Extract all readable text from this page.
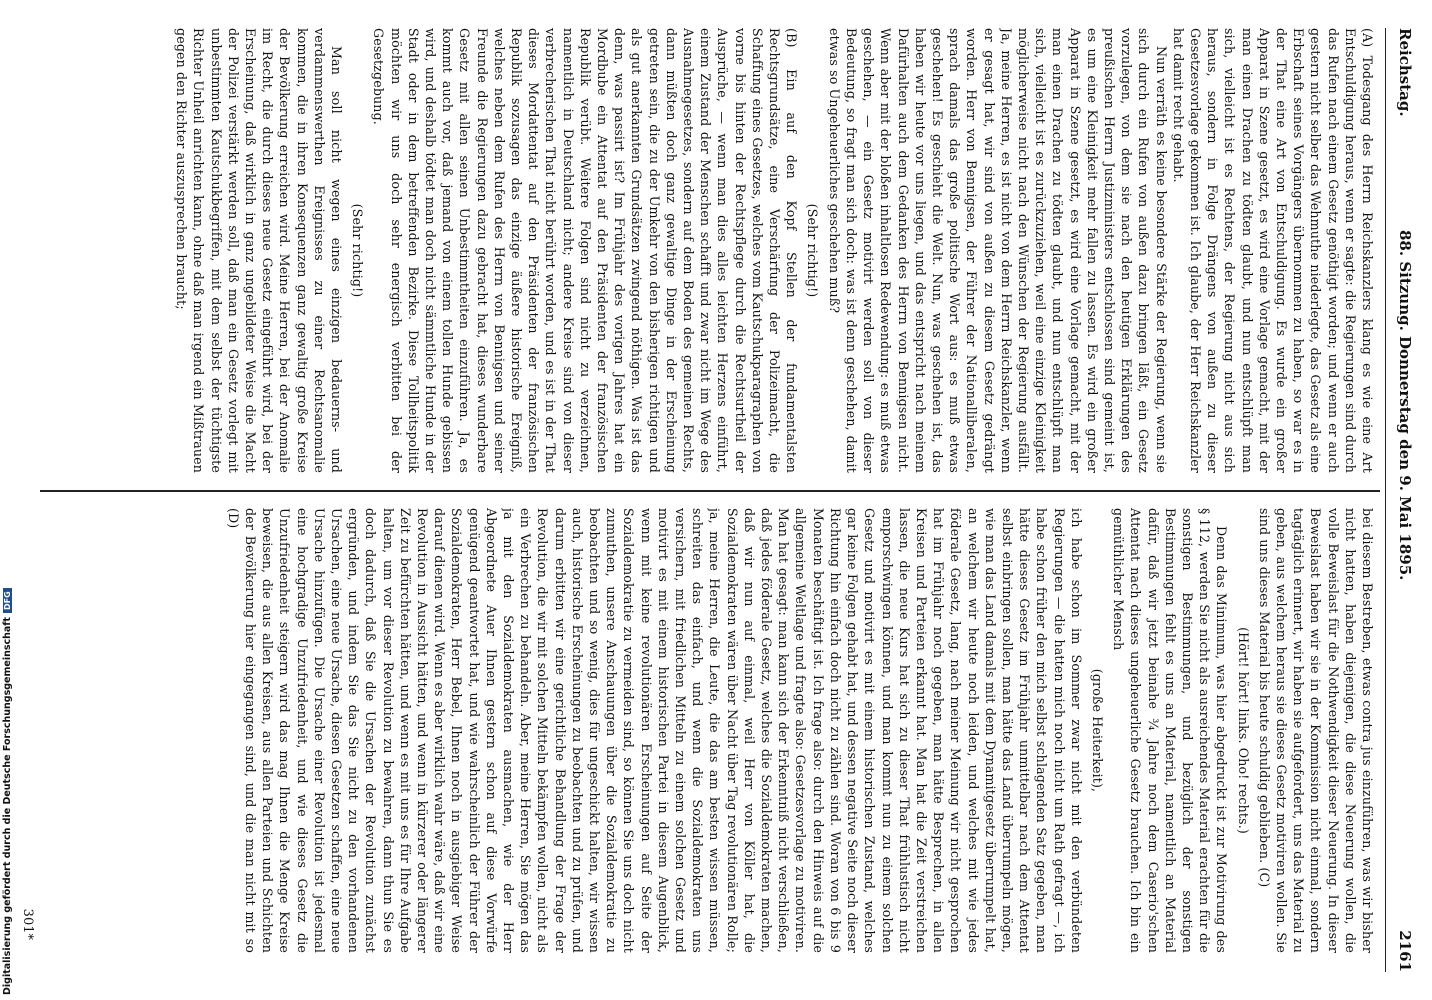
Digitalisierung gefördert durch die Deutsche ForschungsgemeinschaftDFG
Reichstag.
88. Sitzung. Donnerstag den 9. Mai 1895.
2161

(A) Todesgang des Herrn Reichskanzlers klang es wie eine Art Entschuldigung heraus, wenn er sagte: die Regierungen sind durch das Rufen nach einem Gesetz genöthigt worden; und wenn er auch gestern nicht selber das Wehmuthe niederlegte, das Gesetz als eine Erbschaft seines Vorgängers übernommen zu haben, so war es in der That eine Art von Entschuldigung. Es wurde ein großer Apparat in Szene gesetzt, es wird eine Vorlage gemacht, mit der man einen Drachen zu tödten glaubt, und nun entschlüpft man sich, vielleicht ist es Rechtens, der Regierung nicht aus sich heraus, sondern in Folge Drängens von außen zu dieser Gesetzesvorlage gekommen ist. Ich glaube, der Herr Reichskanzler hat damit recht gehabt.

Nun verräth es keine besondere Stärke der Regierung, wenn sie sich durch ein Rufen von außen dazu bringen läßt, ein Gesetz vorzulegen, von dem sie nach den heutigen Erklärungen des preußischen Herrn Justizministers entschlossen sind gemeint ist, es um eine Kleinigkeit mehr fallen zu lassen. Es wird ein großer Apparat in Szene gesetzt, es wird eine Vorlage gemacht, mit der man einen Drachen zu tödten glaubt, und nun entschlüpft man sich, vielleicht ist es zurückzuziehen, weil eine einzige Kleinigkeit möglicherweise nicht nach den Wünschen der Regierung ausfällt. Ja, meine Herren, es ist nicht von dem Herrn Reichskanzler, wenn er gesagt hat, wir sind von außen zu diesem Gesetz gedrängt worden. Herr von Bennigsen, der Führer der Nationalliberalen, sprach damals das große politische Wort aus: es muß etwas geschehen! Es geschieht die Welt. Nun, was geschehen ist, das haben wir heute vor uns liegen, und das entspricht nach meinem Dafürhalten auch dem Gedanken des Herrn von Bennigsen nicht. Wenn aber mit der bloßen inhaltlosen Redewendung: es muß etwas geschehen, — ein Gesetz motivirt werden soll von dieser Bedeutung, so fragt man sich doch: was ist denn geschehen, damit etwas so Ungeheuerliches geschehen muß?

(Sehr richtig!)

(B) Ein auf den Kopf Stellen der fundamentalsten Rechtsgrundsätze, eine Verschärfung der Polizeimacht, die Schaffung eines Gesetzes, welches vom Kautschukparagraphen von vorne bis hinten der Rechtspflege durch die Rechtsurtheil der Ausprüche, — wenn man dies alles leichten Herzens einführt, einem Zustand der Menschen schafft und zwar nicht im Wege des Ausnahmegesetzes, sondern auf dem Boden des gemeinen Rechts, dann müßten doch ganz gewaltige Dinge in der Erscheinung getreten sein, die zu der Umkehr von den bisherigen richtigen und als gut anerkannten Grundsätzen zwingend nöthigen. Was ist das denn, was passirt ist? Im Frühjahr des vorigen Jahres hat ein Mordbube ein Attentat auf den Präsidenten der französischen Republik verübt. Weitere Folgen sind nicht zu verzeichnen, namentlich in Deutschland nicht; andere Kreise sind von dieser verbrecherischen That nicht berührt worden, und es ist in der That dieses Mordattentat auf den Präsidenten der französischen Republik sozusagen das einzige äußere historische Ereigniß, welches neben dem Rufen des Herrn von Bennigsen und seiner Freunde die Regierungen dazu gebracht hat, dieses wunderbare Gesetz mit allen seinen Unbestimmtheiten einzuführen. Ja, es kommt auch vor, daß jemand von einem tollen Hunde gebissen wird, und deshalb tödtet man doch nicht sämmtliche Hunde in der Stadt oder in dem betreffenden Bezirke. Diese Tollheitspolitik möchten wir uns doch sehr energisch verbitten bei der Gesetzgebung.

(Sehr richtig!)

Man soll nicht wegen eines einzigen bedauerns- und verdammenswerthen Ereignisses zu einer Rechtsanomalie kommen, die in ihren Konsequenzen ganz gewaltig große Kreise der Bevölkerung erreichen wird. Meine Herren, bei der Anomalie im Recht, die durch dieses neue Gesetz eingeführt wird, bei der Erscheinung, daß wirklich in ganz ungebildeter Weise die Macht der Polizei verstärkt werden soll, daß man ein Gesetz vorlegt mit unbestimmten Kautschukbegriffen, mit dem selbst der tüchtigste Richter Unheil anrichten kann, ohne daß man irgend ein Mißtrauen gegen den Richter auszusprechen braucht;

bei diesem Bestreben, etwas contra jus einzuführen, was wir bisher nicht hatten, haben diejenigen, die diese Neuerung wollen, die volle Beweislast für die Nothwendigkeit dieser Neuerung. In dieser Beweislast haben wir sie in der Kommission nicht einmal, sondern tagtäglich erinnert, wir haben sie aufgefordert, uns das Material zu geben, aus welchem heraus sie dieses Gesetz motiviren wollen. Sie sind uns dieses Material bis heute schuldig geblieben. (C)

(Hört! hört! links. Oho! rechts.)

Denn das Minimum, was hier abgedruckt ist zur Motivirung des § 112, werden Sie nicht als ausreichendes Material erachten für die sonstigen Bestimmungen, und bezüglich der sonstigen Bestimmungen fehlt es uns an Material, namentlich an Material dafür, daß wir jetzt beinahe ¾ Jahre noch dem Caserio'schen Attentat nach dieses ungeheuerliche Gesetz brauchen. Ich bin ein gemüthlicher Mensch

(große Heiterkeit),

ich habe schon im Sommer zwar nicht mit den verbündeten Regierungen — die hatten mich noch nicht um Rath gefragt —, ich habe schon früher den mich selbst schlagenden Satz gegeben, man hätte dieses Gesetz im Frühjahr unmittelbar nach dem Attentat selbst einbringen sollen, man hätte das Land überrumpeln mögen, wie man das Land damals mit dem Dynamitgesetz überrumpelt hat, an welchem wir heute noch leiden, und welches mit wie jedes föderale Gesetz, lang, nach meiner Meinung wir nicht gesprochen hat im Frühjahr noch gegeben, man hätte Besprechen, in allen Kreisen und Parteien erkannt hat. Man hat die Zeit verstreichen lassen, die neue Kurs hat sich zu dieser That frühlustisch nicht emporschwingen können, und man kommt nun zu einem solchen Gesetz und motivirt es mit einem historischen Zustand, welches gar keine Folgen gehabt hat, und dessen negative Seite noch dieser Richtung hin einfach doch nicht zu zählen sind. Woran von 6 bis 9 Monaten beschäftigt ist. Ich frage also: durch den Hinweis auf die allgemeine Weltlage und fragte also: Gesetzesvorlage zu motiviren. Man hat gesagt: man kann sich der Erkenntniß nicht verschließen, daß jedes föderale Gesetz, welches die Sozialdemokraten machen, daß wir nun auf einmal, weil Herr von Köller hat, die Sozialdemokraten wären über Nacht über Tag revolutionären Rolle; ja, meine Herren, die Leute, die das am besten wissen müssen, schreiten das einfach, und wenn die Sozialdemokraten uns versichern, mit friedlichen Mitteln zu einem solchen Gesetz und motivirt es mit einem historischen Partei in diesem Augenblick, wenn mit keine revolutionären Erscheinungen auf Seite der Sozialdemokratie zu vermeiden sind, so können Sie uns doch nicht zumuthen, unsere Anschauungen über die Sozialdemokratie zu beobachten und so wenig, dies für ungeschickt halten, wir wissen auch, historische Erscheinungen zu beobachten und zu prüfen, und darum erbitten wir eine gerichtliche Behandlung der Frage der Revolution, die wir mit solchen Mitteln bekämpfen wollen, nicht als ein Verbrechen zu behandeln. Aber, meine Herren, Sie mögen das ja mit den Sozialdemokraten ausmachen, wie der Herr Abgeordnete Auer Ihnen gestern schon auf diese Vorwürfe genügend geantwortet hat, und wie wahrscheinlich der Führer der Sozialdemokraten, Herr Bebel, Ihnen noch in ausgiebiger Weise darauf dienen wird. Wenn es aber wirklich wahr wäre, daß wir eine Revolution in Aussicht hätten, und wenn in kürzerer oder längerer Zeit zu befürchten hätten, und wenn es mit uns es für Ihre Aufgabe halten, um vor dieser Revolution zu bewahren, dann thun Sie es doch dadurch, daß Sie die Ursachen der Revolution zunächst ergründen, und indem Sie das Sie nicht zu den vorhandenen Ursachen, eine neue Ursache, diesen Gesetzen schaffen, eine neue Ursache hinzufügen. Die Ursache einer Revolution ist jedesmal eine hochgradige Unzufriedenheit, und wie dieses Gesetz die Unzufriedenheit steigern wird das mag Ihnen die Menge Kreise beweisen, die aus allen Kreisen, aus allen Parteien und Schichten der Bevölkerung hier eingegangen sind, und die man nicht mit so (D)

301*
